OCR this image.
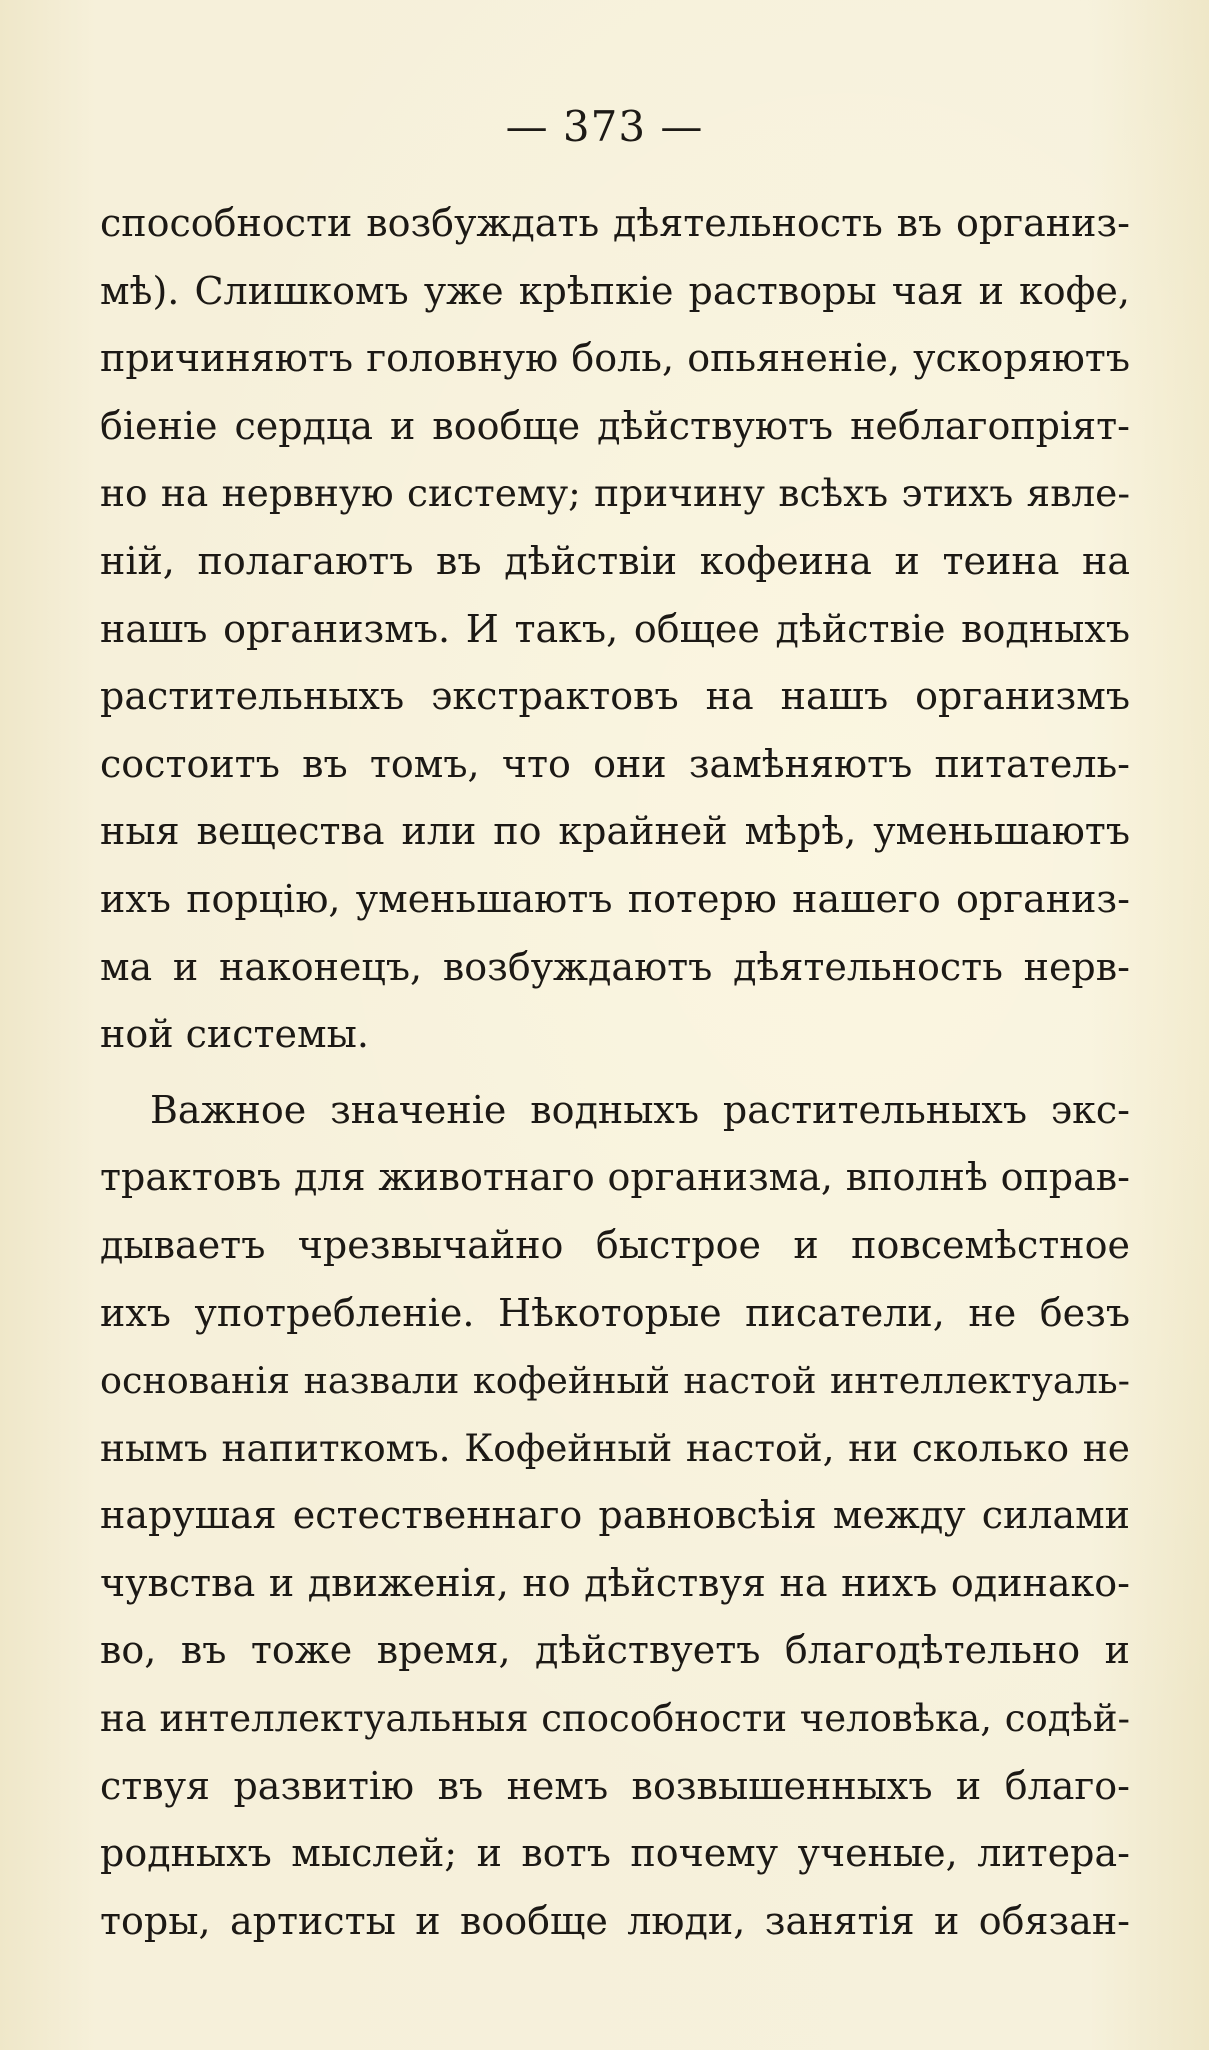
— 373 —
способности возбуждать дѣятельность въ организ-
мѣ). Слишкомъ уже крѣпкіе растворы чая и кофе,
причиняютъ головную боль, опьяненіе, ускоряютъ
біеніе сердца и вообще дѣйствуютъ неблагопріят-
но на нервную систему; причину всѣхъ этихъ явле-
ній, полагаютъ въ дѣйствіи кофеина и теина на
нашъ организмъ. И такъ, общее дѣйствіе водныхъ
растительныхъ экстрактовъ на нашъ организмъ
состоитъ въ томъ, что они замѣняютъ питатель-
ныя вещества или по крайней мѣрѣ, уменьшаютъ
ихъ порцію, уменьшаютъ потерю нашего организ-
ма и наконецъ, возбуждаютъ дѣятельность нерв-
ной системы.
Важное значеніе водныхъ растительныхъ экс-
трактовъ для животнаго организма, вполнѣ оправ-
дываетъ чрезвычайно быстрое и повсемѣстное
ихъ употребленіе. Нѣкоторые писатели, не безъ
основанія назвали кофейный настой интеллектуаль-
нымъ напиткомъ. Кофейный настой, ни сколько не
нарушая естественнаго равновсѣія между силами
чувства и движенія, но дѣйствуя на нихъ одинако-
во, въ тоже время, дѣйствуетъ благодѣтельно и
на интеллектуальныя способности человѣка, содѣй-
ствуя развитію въ немъ возвышенныхъ и благо-
родныхъ мыслей; и вотъ почему ученые, литера-
торы, артисты и вообще люди, занятія и обязан-
